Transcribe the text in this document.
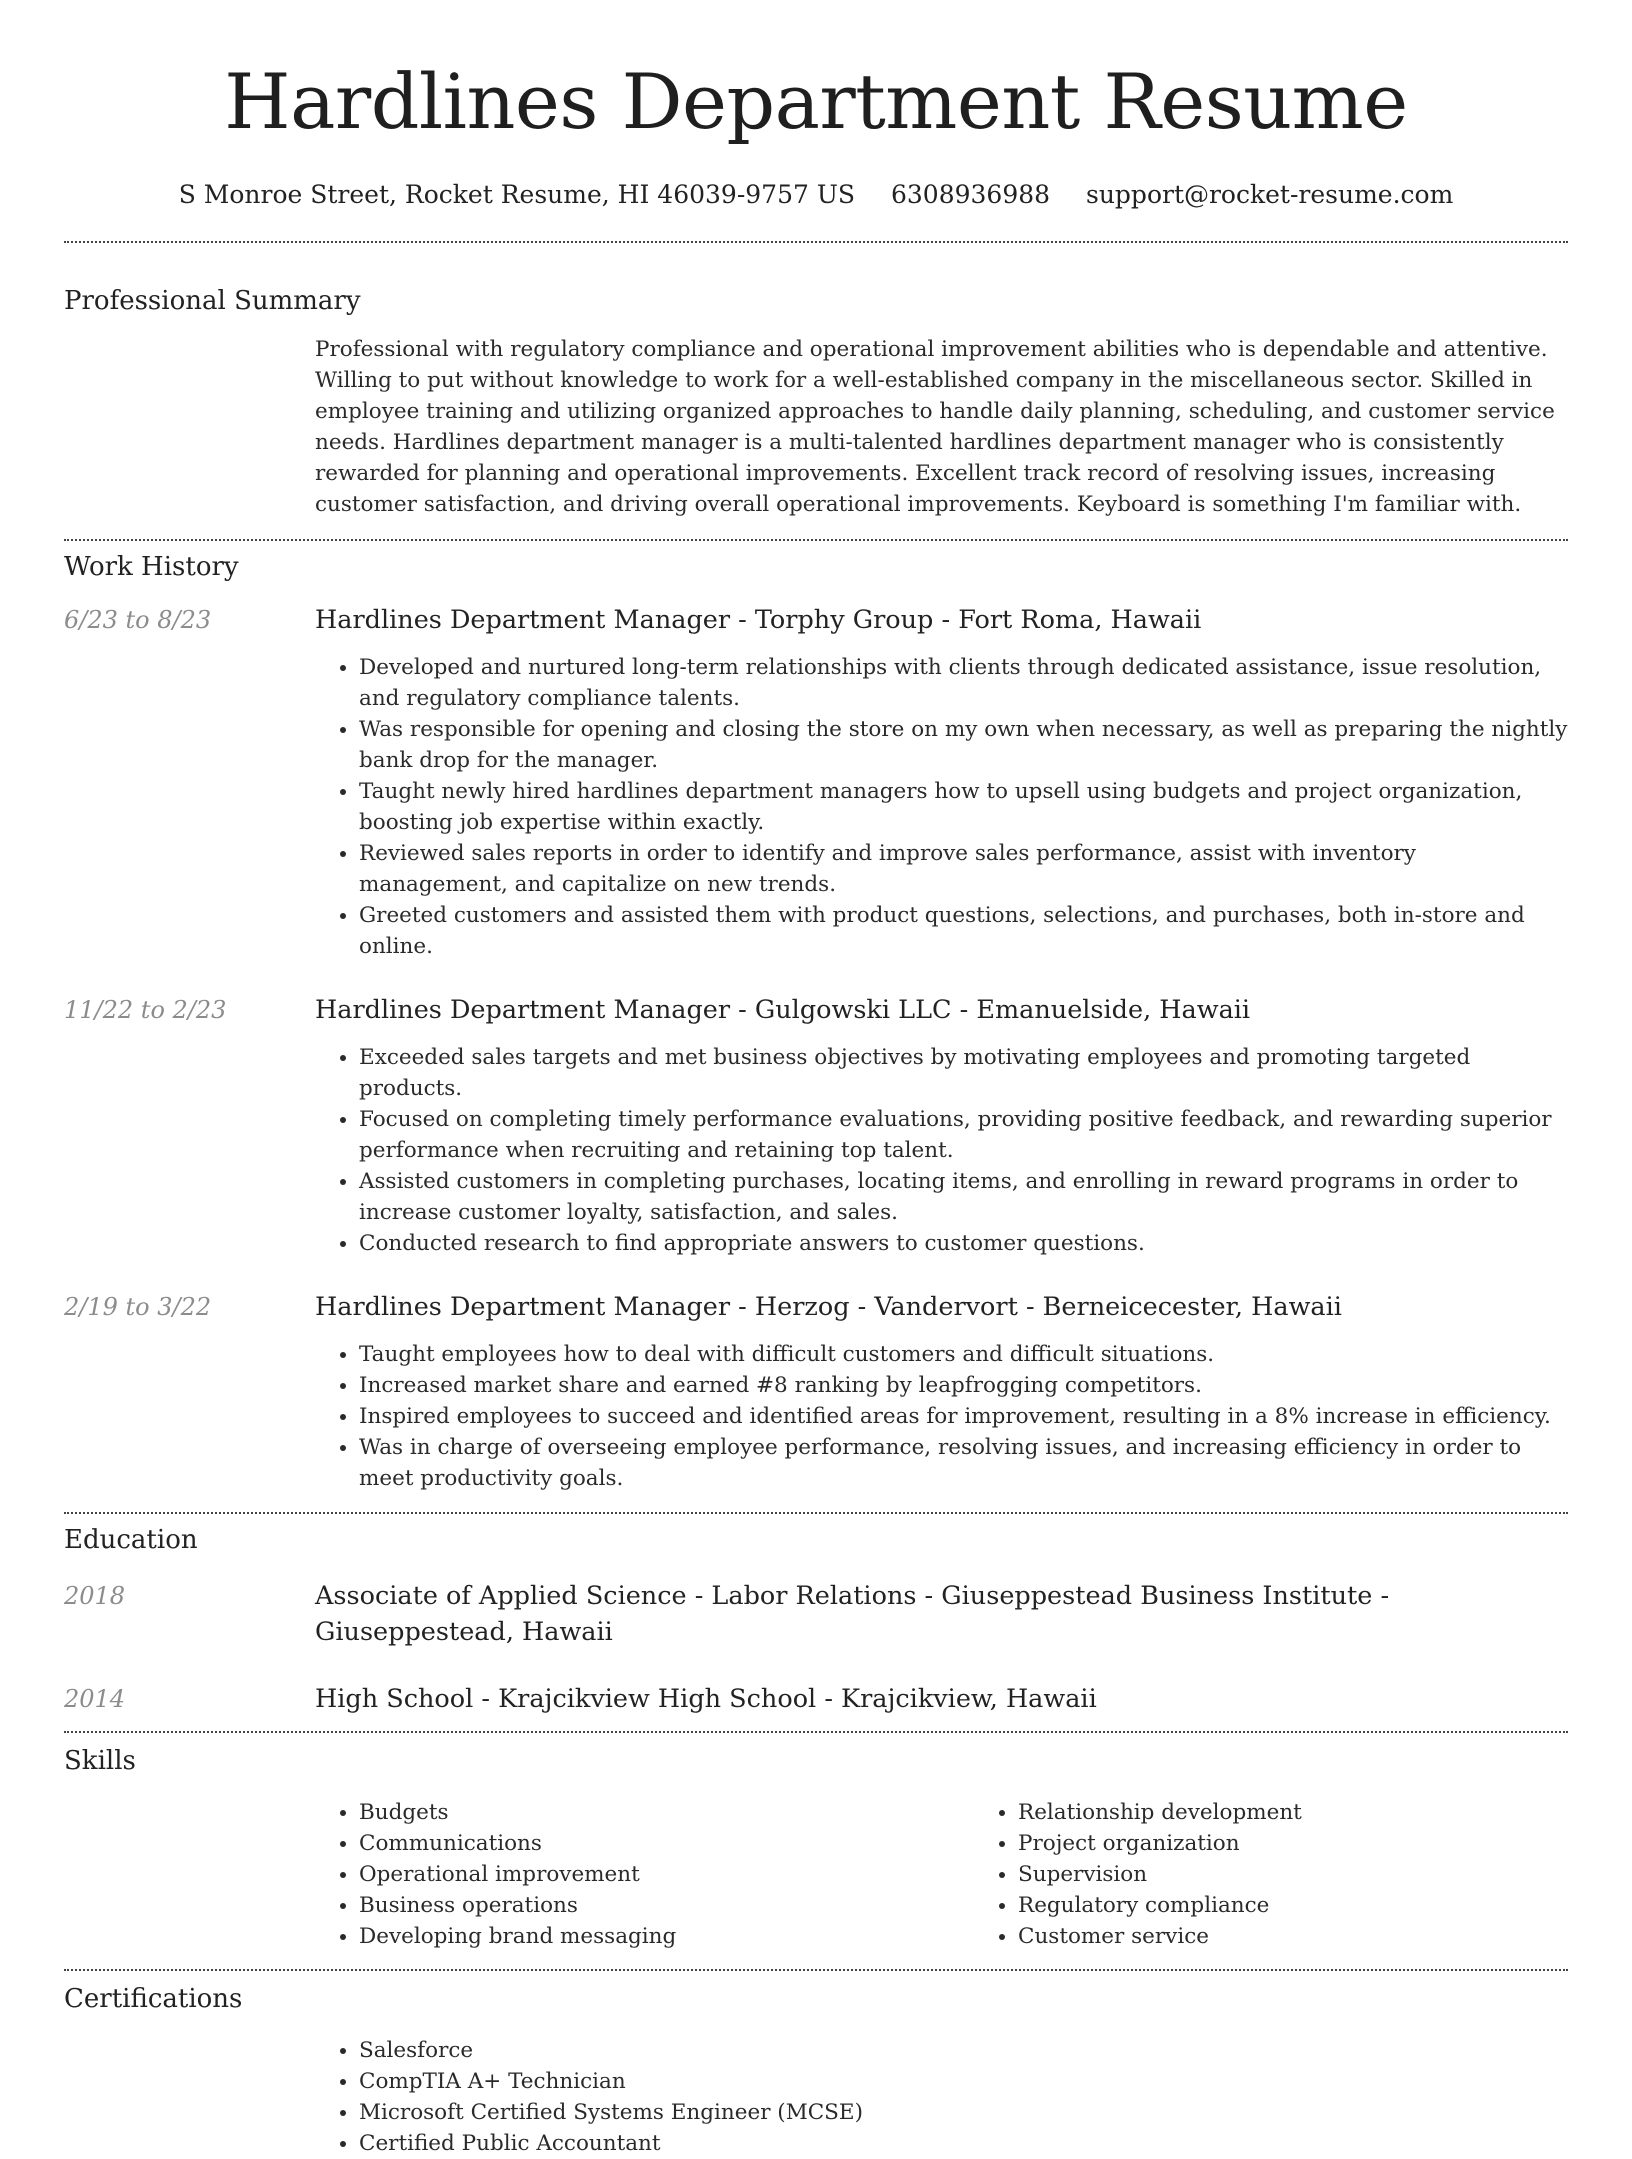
Hardlines Department Resume
S Monroe Street, Rocket Resume, HI 46039-9757 US 6308936988 support@rocket-resume.com
Professional Summary

Professional with regulatory compliance and operational improvement abilities who is dependable and attentive. Willing to put without knowledge to work for a well-established company in the miscellaneous sector. Skilled in employee training and utilizing organized approaches to handle daily planning, scheduling, and customer service needs. Hardlines department manager is a multi-talented hardlines department manager who is consistently rewarded for planning and operational improvements. Excellent track record of resolving issues, increasing customer satisfaction, and driving overall operational improvements. Keyboard is something I'm familiar with.

Work History
6/23 to 8/23	Hardlines Department Manager - Torphy Group - Fort Roma, Hawaii
• Developed and nurtured long-term relationships with clients through dedicated assistance, issue resolution, and regulatory compliance talents.
• Was responsible for opening and closing the store on my own when necessary, as well as preparing the nightly bank drop for the manager.
• Taught newly hired hardlines department managers how to upsell using budgets and project organization, boosting job expertise within exactly.
• Reviewed sales reports in order to identify and improve sales performance, assist with inventory management, and capitalize on new trends.
• Greeted customers and assisted them with product questions, selections, and purchases, both in-store and online.
11/22 to 2/23	Hardlines Department Manager - Gulgowski LLC - Emanuelside, Hawaii
• Exceeded sales targets and met business objectives by motivating employees and promoting targeted products.
• Focused on completing timely performance evaluations, providing positive feedback, and rewarding superior performance when recruiting and retaining top talent.
• Assisted customers in completing purchases, locating items, and enrolling in reward programs in order to increase customer loyalty, satisfaction, and sales.
• Conducted research to find appropriate answers to customer questions.
2/19 to 3/22	Hardlines Department Manager - Herzog - Vandervort - Berneicecester, Hawaii
• Taught employees how to deal with difficult customers and difficult situations.
• Increased market share and earned #8 ranking by leapfrogging competitors.
• Inspired employees to succeed and identified areas for improvement, resulting in a 8% increase in efficiency.
• Was in charge of overseeing employee performance, resolving issues, and increasing efficiency in order to meet productivity goals.
Education
2018	Associate of Applied Science - Labor Relations - Giuseppestead Business Institute - Giuseppestead, Hawaii
2014	High School - Krajcikview High School - Krajcikview, Hawaii
Skills
• Budgets
• Communications
• Operational improvement
• Business operations
• Developing brand messaging
• Relationship development
• Project organization
• Supervision
• Regulatory compliance
• Customer service
Certifications
• Salesforce
• CompTIA A+ Technician
• Microsoft Certified Systems Engineer (MCSE)
• Certified Public Accountant
